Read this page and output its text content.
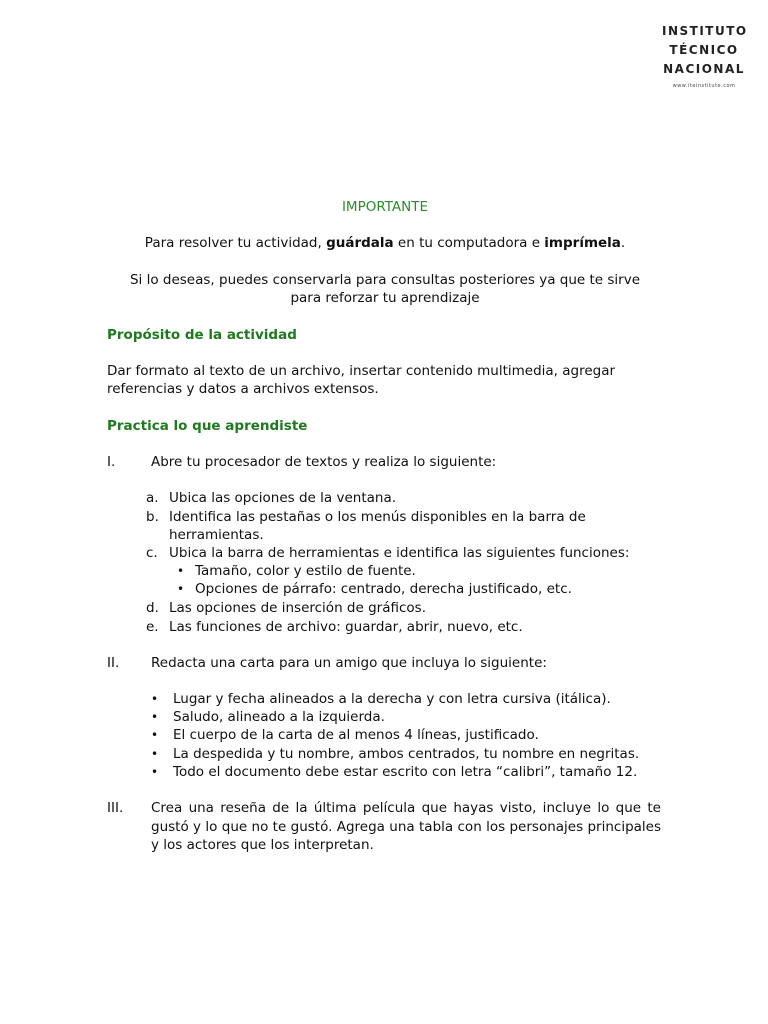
INSTITUTO
TÉCNICO
NACIONAL
www.iteinstitute.com
IMPORTANTE
Para resolver tu actividad, guárdala en tu computadora e imprímela.
Si lo deseas, puedes conservarla para consultas posteriores ya que te sirve
para reforzar tu aprendizaje
Propósito de la actividad
Dar formato al texto de un archivo, insertar contenido multimedia, agregar
referencias y datos a archivos extensos.
Practica lo que aprendiste
I.	Abre tu procesador de textos y realiza lo siguiente:
a. Ubica las opciones de la ventana.
b. Identifica las pestañas o los menús disponibles en la barra de
herramientas.
c. Ubica la barra de herramientas e identifica las siguientes funciones:
• Tamaño, color y estilo de fuente.
• Opciones de párrafo: centrado, derecha justificado, etc.
d. Las opciones de inserción de gráficos.
e. Las funciones de archivo: guardar, abrir, nuevo, etc.
II. Redacta una carta para un amigo que incluya lo siguiente:
• Lugar y fecha alineados a la derecha y con letra cursiva (itálica).
• Saludo, alineado a la izquierda.
• El cuerpo de la carta de al menos 4 líneas, justificado.
• La despedida y tu nombre, ambos centrados, tu nombre en negritas.
• Todo el documento debe estar escrito con letra “calibri”, tamaño 12.
III. Crea una reseña de la última película que hayas visto, incluye lo que te gustó y lo que no te gustó. Agrega una tabla con los personajes principales y los actores que los interpretan.
